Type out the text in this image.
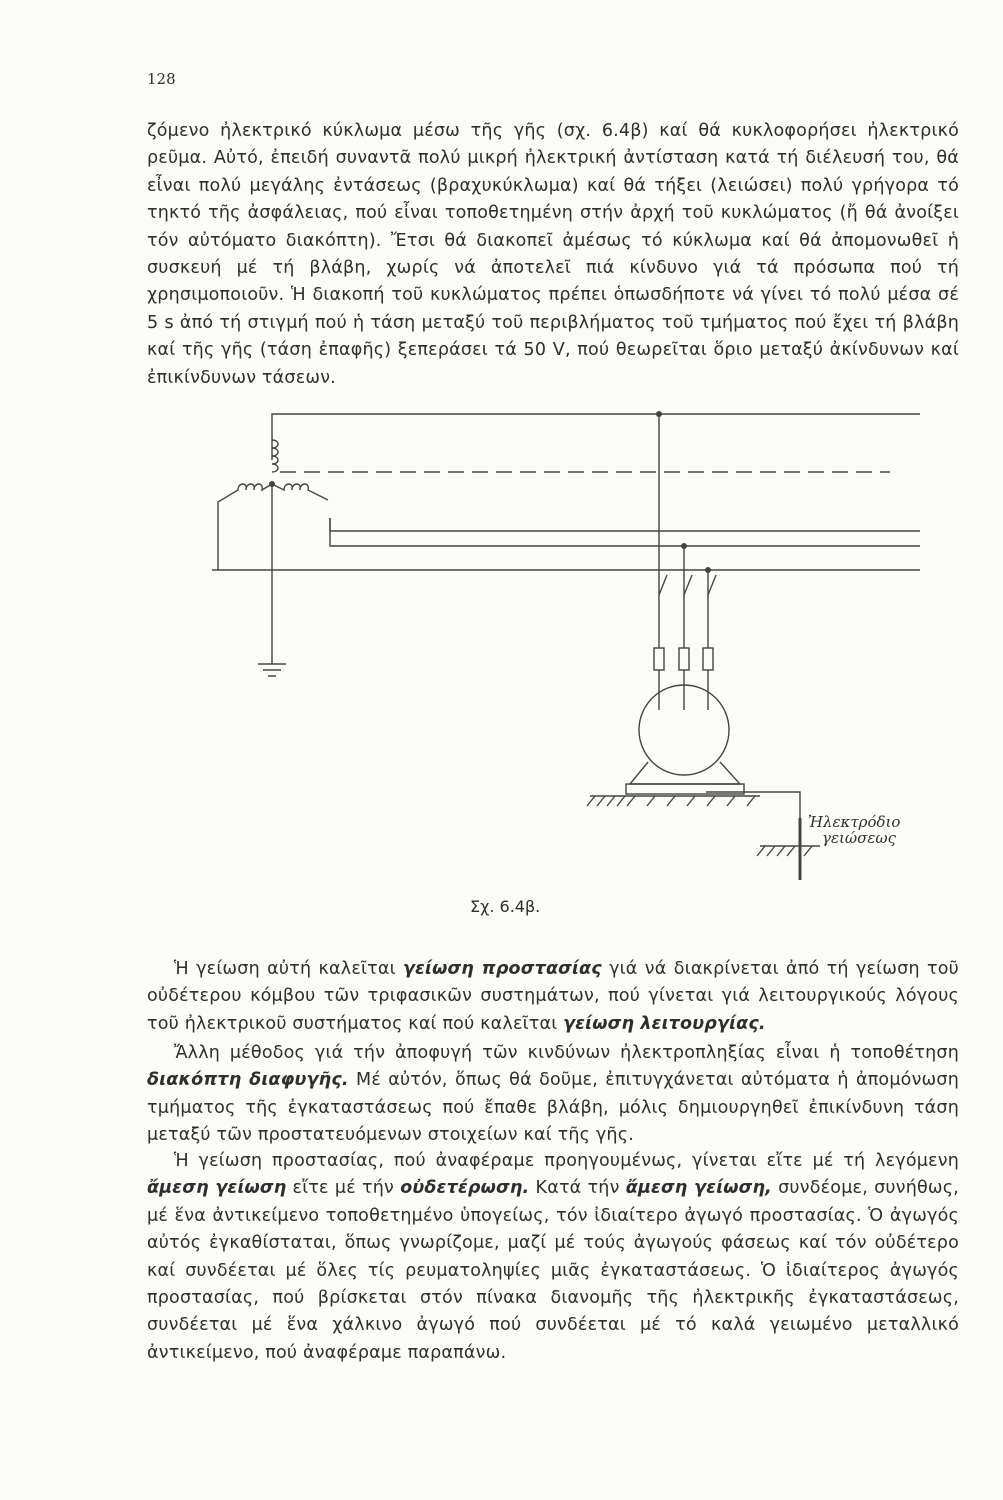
128

ζόμενο ἠλεκτρικό κύκλωμα μέσω τῆς γῆς (σχ. 6.4β) καί θά κυκλοφορήσει ἠλεκτρικό ρεῦμα. Αὐτό, ἐπειδή συναντᾶ πολύ μικρή ἠλεκτρική ἀντίσταση κατά τή διέλευσή του, θά εἶναι πολύ μεγάλης ἐντάσεως (βραχυκύκλωμα) καί θά τήξει (λειώσει) πολύ γρήγορα τό τηκτό τῆς ἀσφάλειας, πού εἶναι τοποθετημένη στήν ἀρχή τοῦ κυκλώματος (ἤ θά ἀνοίξει τόν αὐτόματο διακόπτη). Ἔτσι θά διακοπεῖ ἀμέσως τό κύκλωμα καί θά ἀπομονωθεῖ ἡ συσκευή μέ τή βλάβη, χωρίς νά ἀποτελεῖ πιά κίνδυνο γιά τά πρόσωπα πού τή χρησιμοποιοῦν. Ἡ διακοπή τοῦ κυκλώματος πρέπει ὁπωσδήποτε νά γίνει τό πολύ μέσα σέ 5 s ἀπό τή στιγμή πού ἡ τάση μεταξύ τοῦ περιβλήματος τοῦ τμήματος πού ἔχει τή βλάβη καί τῆς γῆς (τάση ἐπαφῆς) ξεπεράσει τά 50 V, πού θεωρεῖται ὅριο μεταξύ ἀκίνδυνων καί ἐπικίνδυνων τάσεων.

Ἠλεκτρόδιο
γειώσεως
Σχ. 6.4β.

Ἡ γείωση αὐτή καλεῖται γείωση προστασίας γιά νά διακρίνεται ἀπό τή γείωση τοῦ οὐδέτερου κόμβου τῶν τριφασικῶν συστημάτων, πού γίνεται γιά λειτουργικούς λόγους τοῦ ἠλεκτρικοῦ συστήματος καί πού καλεῖται γείωση λειτουργίας.

Ἄλλη μέθοδος γιά τήν ἀποφυγή τῶν κινδύνων ἠλεκτροπληξίας εἶναι ἡ τοποθέτηση διακόπτη διαφυγῆς. Μέ αὐτόν, ὅπως θά δοῦμε, ἐπιτυγχάνεται αὐτόματα ἡ ἀπομόνωση τμήματος τῆς ἐγκαταστάσεως πού ἔπαθε βλάβη, μόλις δημιουργηθεῖ ἐπικίνδυνη τάση μεταξύ τῶν προστατευόμενων στοιχείων καί τῆς γῆς.

Ἡ γείωση προστασίας, πού ἀναφέραμε προηγουμένως, γίνεται εἴτε μέ τή λεγόμενη ἄμεση γείωση εἴτε μέ τήν οὐδετέρωση. Κατά τήν ἄμεση γείωση, συνδέομε, συνήθως, μέ ἕνα ἀντικείμενο τοποθετημένο ὑπογείως, τόν ἰδιαίτερο ἀγωγό προστασίας. Ὁ ἀγωγός αὐτός ἐγκαθίσταται, ὅπως γνωρίζομε, μαζί μέ τούς ἀγωγούς φάσεως καί τόν οὐδέτερο καί συνδέεται μέ ὅλες τίς ρευματοληψίες μιᾶς ἐγκαταστάσεως. Ὁ ἰδιαίτερος ἀγωγός προστασίας, πού βρίσκεται στόν πίνακα διανομῆς τῆς ἠλεκτρικῆς ἐγκαταστάσεως, συνδέεται μέ ἕνα χάλκινο ἀγωγό πού συνδέεται μέ τό καλά γειωμένο μεταλλικό ἀντικείμενο, πού ἀναφέραμε παραπάνω.
